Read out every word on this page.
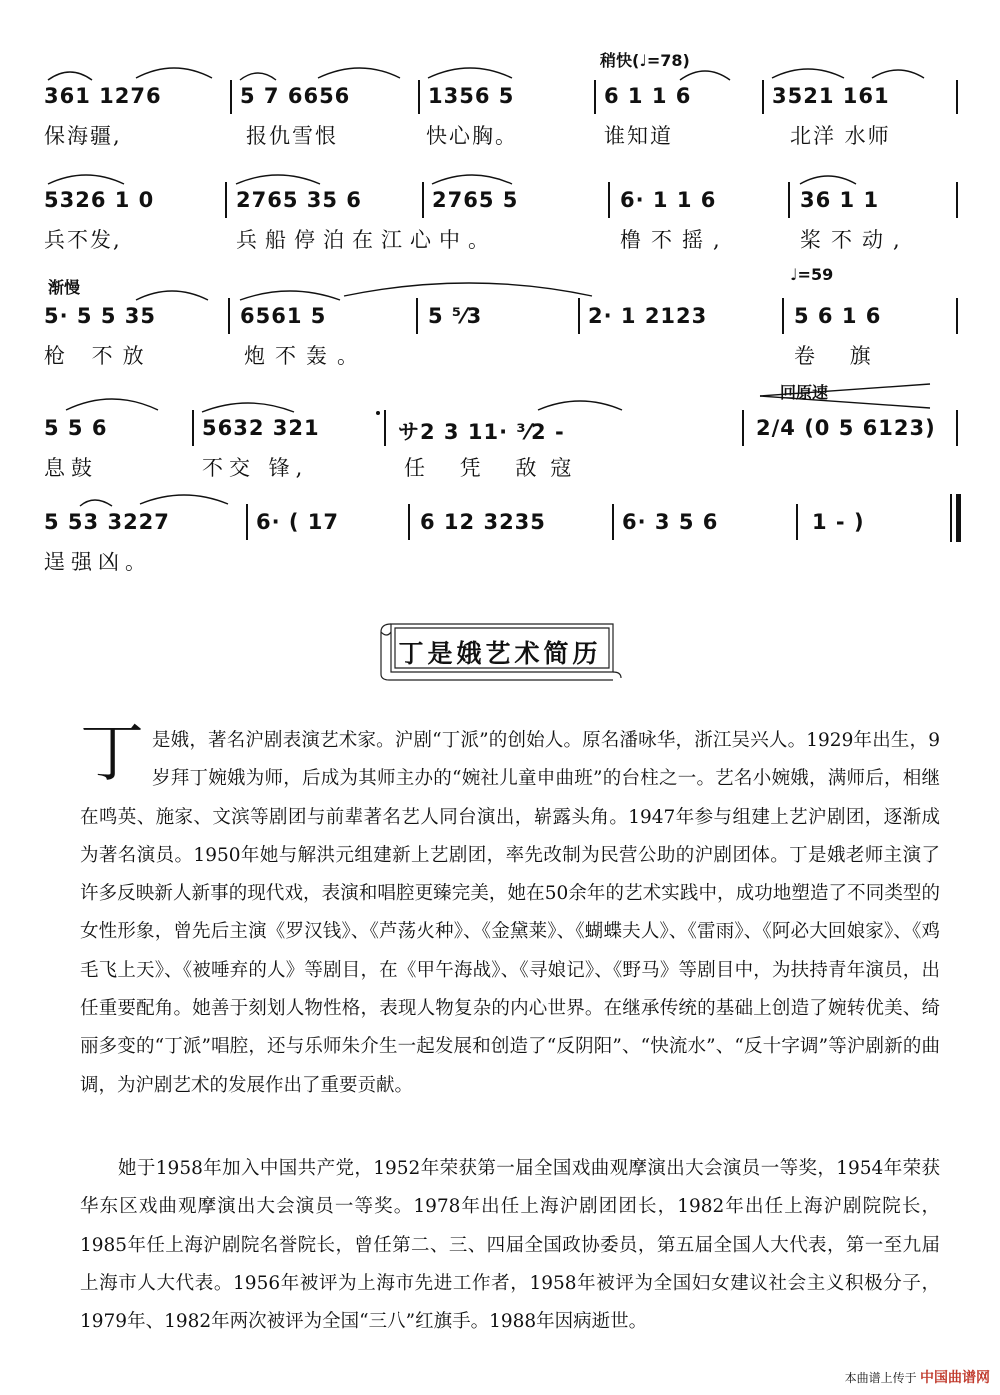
稍快(♩=78)
渐慢
♩=59
回原速
361 1276	5 7 6656	1356 5	6 1 1 6	3521 161
保海疆,	报仇雪恨	快心胸。	谁知道	北洋 水师
5326 1 0	2765 35 6	2765 5	6· 1 1 6	36 1 1
兵不发,	兵船停泊在江心中。	橹不摇,	桨不动,
5· 5 5 35	6561 5	5 ⁵⁄3	2· 1 2123	5 6 1 6
枪 不放	炮不轰。	卷 旗
5 5 6	5632 321	サ2 3 11· ³⁄2 -	2/4 (0 5 6123)
息鼓	不交 锋,	任 凭 敌寇
5 53 3227	6· ( 17	6 12 3235	6· 3 5 6	1 - )
逞强凶。
丁是娥艺术简历
丁是娥，著名沪剧表演艺术家。沪剧“丁派”的创始人。原名潘咏华，浙江吴兴人。1929年出生，9岁拜丁婉娥为师，后成为其师主办的“婉社儿童申曲班”的台柱之一。艺名小婉娥，满师后，相继在鸣英、施家、文滨等剧团与前辈著名艺人同台演出，崭露头角。1947年参与组建上艺沪剧团，逐渐成为著名演员。1950年她与解洪元组建新上艺剧团，率先改制为民营公助的沪剧团体。丁是娥老师主演了许多反映新人新事的现代戏，表演和唱腔更臻完美，她在50余年的艺术实践中，成功地塑造了不同类型的女性形象，曾先后主演《罗汉钱》、《芦荡火种》、《金黛莱》、《蝴蝶夫人》、《雷雨》、《阿必大回娘家》、《鸡毛飞上天》、《被唾弃的人》等剧目，在《甲午海战》、《寻娘记》、《野马》等剧目中，为扶持青年演员，出任重要配角。她善于刻划人物性格，表现人物复杂的内心世界。在继承传统的基础上创造了婉转优美、绮丽多变的“丁派”唱腔，还与乐师朱介生一起发展和创造了“反阴阳”、“快流水”、“反十字调”等沪剧新的曲调，为沪剧艺术的发展作出了重要贡献。
她于1958年加入中国共产党，1952年荣获第一届全国戏曲观摩演出大会演员一等奖，1954年荣获华东区戏曲观摩演出大会演员一等奖。1978年出任上海沪剧团团长，1982年出任上海沪剧院院长，1985年任上海沪剧院名誉院长，曾任第二、三、四届全国政协委员，第五届全国人大代表，第一至九届上海市人大代表。1956年被评为上海市先进工作者，1958年被评为全国妇女建议社会主义积极分子，1979年、1982年两次被评为全国“三八”红旗手。1988年因病逝世。
本曲谱上传于 中国曲谱网
